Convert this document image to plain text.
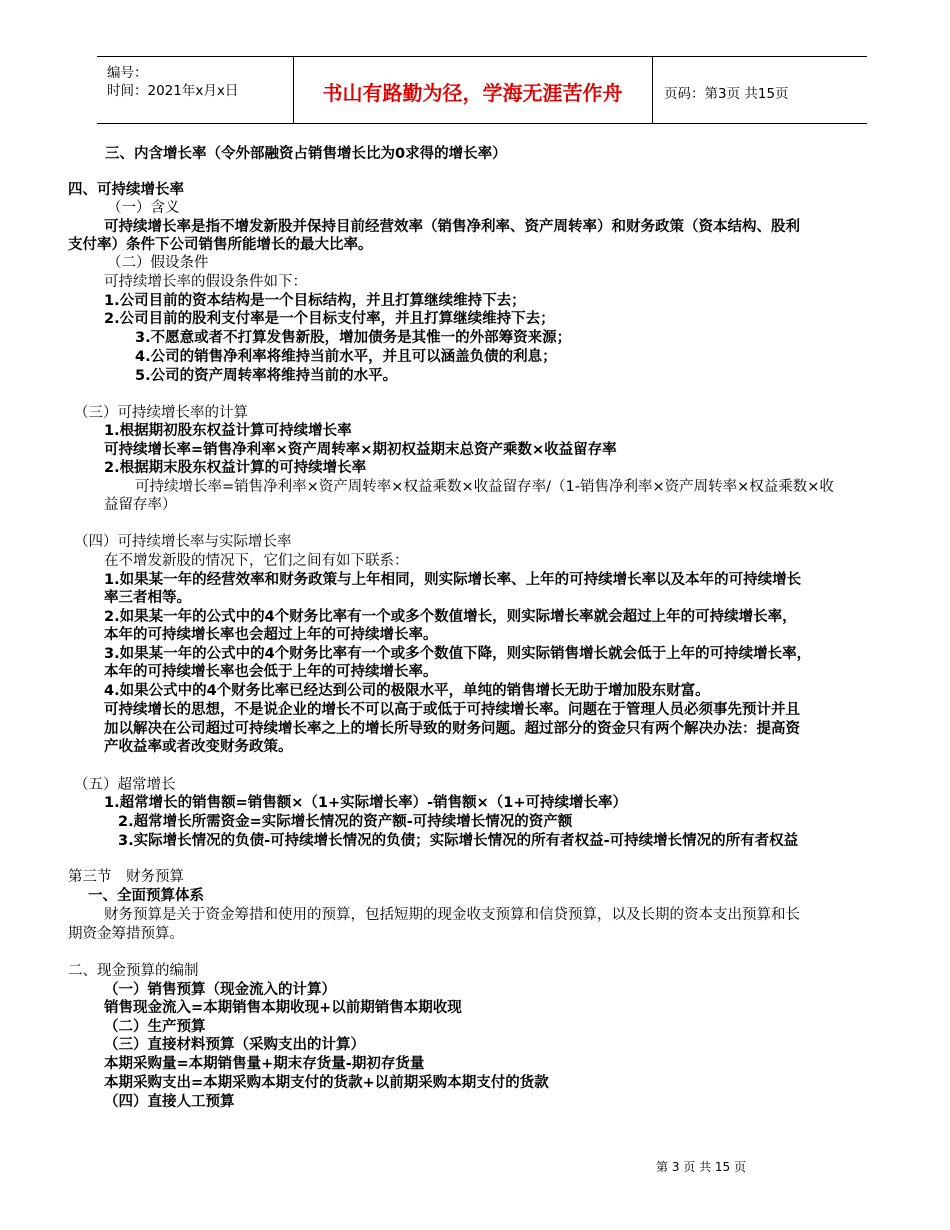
编号：
时间：2021年x月x日	书山有路勤为径，学海无涯苦作舟	页码：第3页 共15页
三、内含增长率（令外部融资占销售增长比为0求得的增长率）
四、可持续增长率
（一）含义
可持续增长率是指不增发新股并保持目前经营效率（销售净利率、资产周转率）和财务政策（资本结构、股利
支付率）条件下公司销售所能增长的最大比率。
（二）假设条件
可持续增长率的假设条件如下：
1.公司目前的资本结构是一个目标结构，并且打算继续维持下去；
2.公司目前的股利支付率是一个目标支付率，并且打算继续维持下去；
3.不愿意或者不打算发售新股，增加债务是其惟一的外部筹资来源；
4.公司的销售净利率将维持当前水平，并且可以涵盖负债的利息；
5.公司的资产周转率将维持当前的水平。
（三）可持续增长率的计算
1.根据期初股东权益计算可持续增长率
可持续增长率=销售净利率×资产周转率×期初权益期末总资产乘数×收益留存率
2.根据期末股东权益计算的可持续增长率
可持续增长率=销售净利率×资产周转率×权益乘数×收益留存率/（1-销售净利率×资产周转率×权益乘数×收
益留存率）
（四）可持续增长率与实际增长率
在不增发新股的情况下，它们之间有如下联系：
1.如果某一年的经营效率和财务政策与上年相同，则实际增长率、上年的可持续增长率以及本年的可持续增长
率三者相等。
2.如果某一年的公式中的4个财务比率有一个或多个数值增长，则实际增长率就会超过上年的可持续增长率，
本年的可持续增长率也会超过上年的可持续增长率。
3.如果某一年的公式中的4个财务比率有一个或多个数值下降，则实际销售增长就会低于上年的可持续增长率，
本年的可持续增长率也会低于上年的可持续增长率。
4.如果公式中的4个财务比率已经达到公司的极限水平，单纯的销售增长无助于增加股东财富。
可持续增长的思想，不是说企业的增长不可以高于或低于可持续增长率。问题在于管理人员必须事先预计并且
加以解决在公司超过可持续增长率之上的增长所导致的财务问题。超过部分的资金只有两个解决办法：提高资
产收益率或者改变财务政策。
（五）超常增长
1.超常增长的销售额=销售额×（1+实际增长率）-销售额×（1+可持续增长率）
2.超常增长所需资金=实际增长情况的资产额-可持续增长情况的资产额
3.实际增长情况的负债-可持续增长情况的负债；实际增长情况的所有者权益-可持续增长情况的所有者权益
第三节　财务预算
一、全面预算体系
财务预算是关于资金筹措和使用的预算，包括短期的现金收支预算和信贷预算，以及长期的资本支出预算和长
期资金筹措预算。
二、现金预算的编制
（一）销售预算（现金流入的计算）
销售现金流入=本期销售本期收现+以前期销售本期收现
（二）生产预算
（三）直接材料预算（采购支出的计算）
本期采购量=本期销售量+期末存货量-期初存货量
本期采购支出=本期采购本期支付的货款+以前期采购本期支付的货款
（四）直接人工预算
第 3 页 共 15 页
